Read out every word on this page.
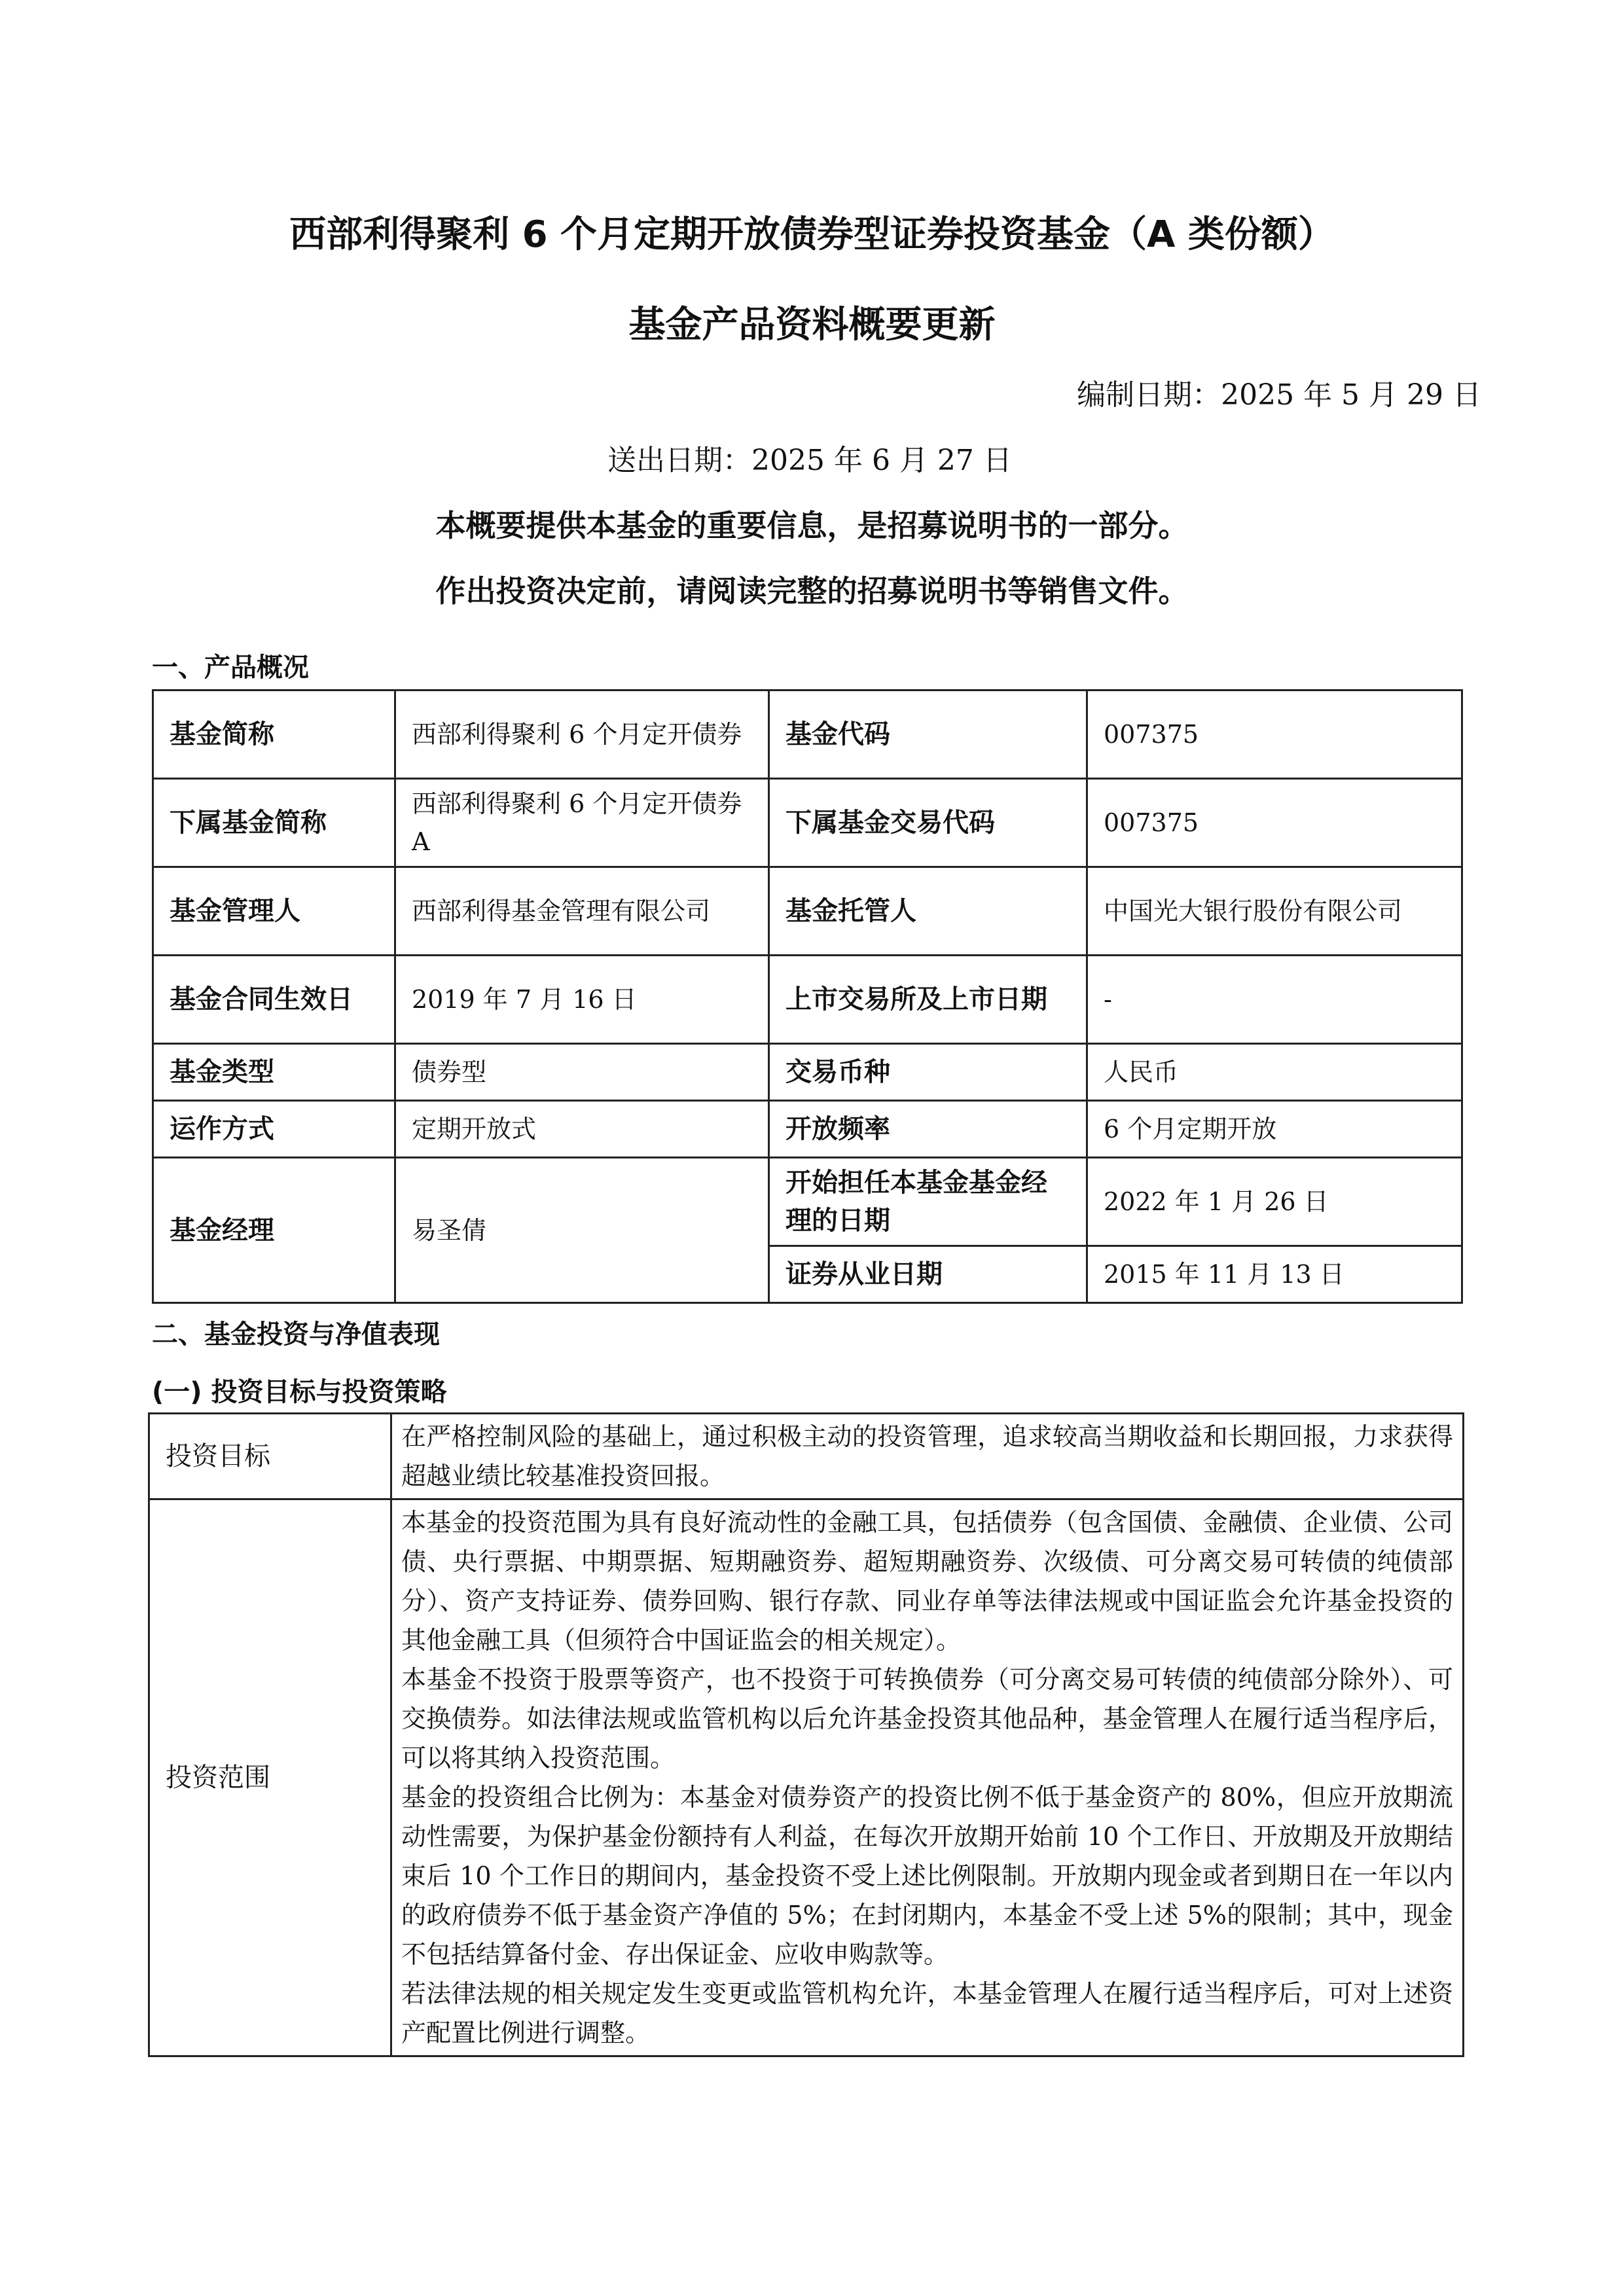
西部利得聚利 6 个月定期开放债券型证券投资基金（A 类份额）
基金产品资料概要更新
编制日期：2025 年 5 月 29 日
送出日期：2025 年 6 月 27 日
本概要提供本基金的重要信息，是招募说明书的一部分。
作出投资决定前，请阅读完整的招募说明书等销售文件。
一、产品概况
基金简称	西部利得聚利 6 个月定开债券	基金代码	007375
下属基金简称	西部利得聚利 6 个月定开债券 A	下属基金交易代码	007375
基金管理人	西部利得基金管理有限公司	基金托管人	中国光大银行股份有限公司
基金合同生效日	2019 年 7 月 16 日	上市交易所及上市日期	-
基金类型	债券型	交易币种	人民币
运作方式	定期开放式	开放频率	6 个月定期开放
基金经理	易圣倩	开始担任本基金基金经理的日期	2022 年 1 月 26 日
		证券从业日期	2015 年 11 月 13 日
二、基金投资与净值表现
(一) 投资目标与投资策略
投资目标	在严格控制风险的基础上，通过积极主动的投资管理，追求较高当期收益和长期回报，力求获得超越业绩比较基准投资回报。
投资范围	本基金的投资范围为具有良好流动性的金融工具，包括债券（包含国债、金融债、企业债、公司债、央行票据、中期票据、短期融资券、超短期融资券、次级债、可分离交易可转债的纯债部分）、资产支持证券、债券回购、银行存款、同业存单等法律法规或中国证监会允许基金投资的其他金融工具（但须符合中国证监会的相关规定）。
本基金不投资于股票等资产，也不投资于可转换债券（可分离交易可转债的纯债部分除外）、可交换债券。如法律法规或监管机构以后允许基金投资其他品种，基金管理人在履行适当程序后，可以将其纳入投资范围。
基金的投资组合比例为：本基金对债券资产的投资比例不低于基金资产的 80%，但应开放期流动性需要，为保护基金份额持有人利益，在每次开放期开始前 10 个工作日、开放期及开放期结束后 10 个工作日的期间内，基金投资不受上述比例限制。开放期内现金或者到期日在一年以内的政府债券不低于基金资产净值的 5%；在封闭期内，本基金不受上述 5%的限制；其中，现金不包括结算备付金、存出保证金、应收申购款等。
若法律法规的相关规定发生变更或监管机构允许，本基金管理人在履行适当程序后，可对上述资产配置比例进行调整。
